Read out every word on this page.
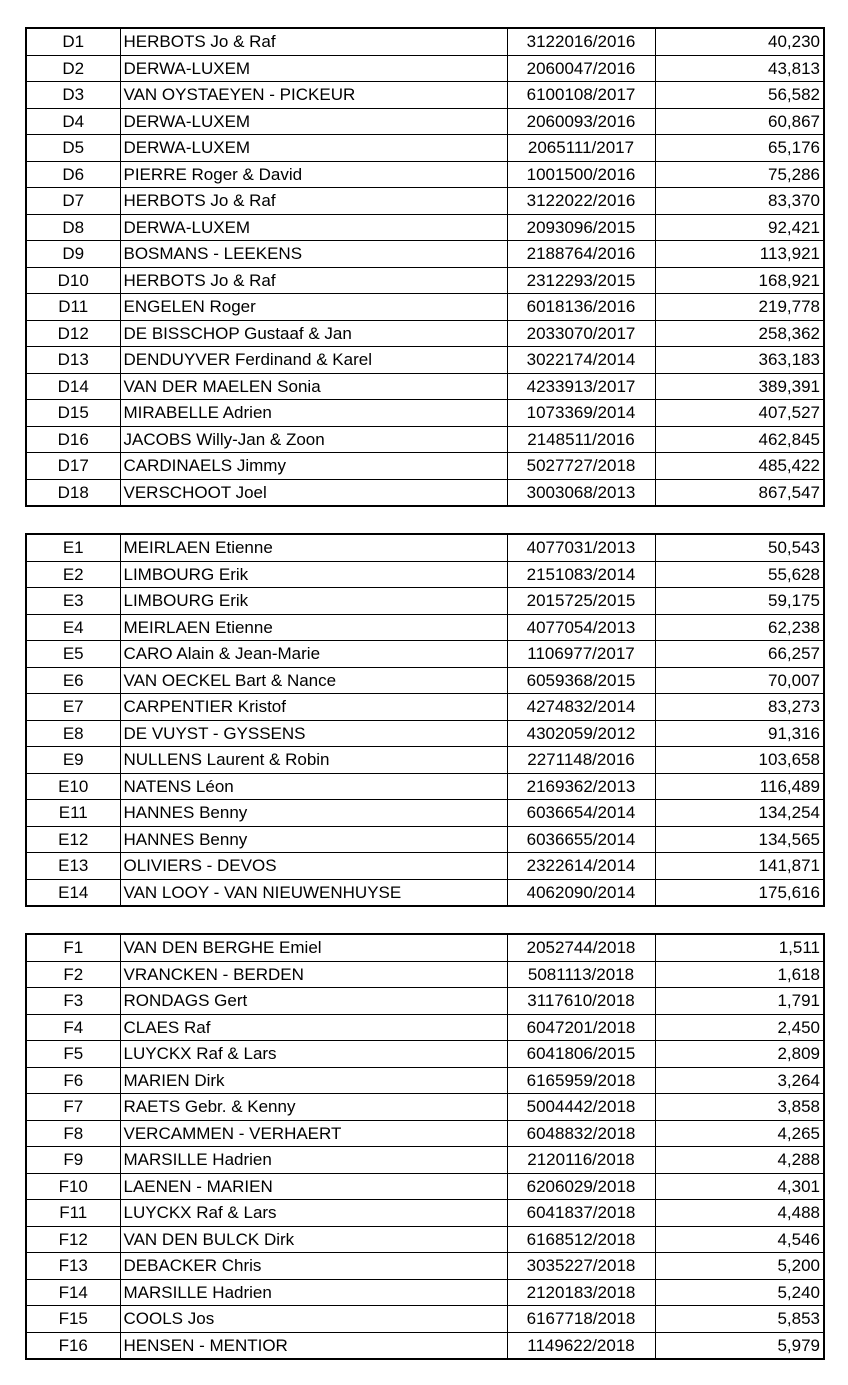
D1	HERBOTS Jo & Raf	3122016/2016	40,230
D2	DERWA-LUXEM	2060047/2016	43,813
D3	VAN OYSTAEYEN - PICKEUR	6100108/2017	56,582
D4	DERWA-LUXEM	2060093/2016	60,867
D5	DERWA-LUXEM	2065111/2017	65,176
D6	PIERRE Roger & David	1001500/2016	75,286
D7	HERBOTS Jo & Raf	3122022/2016	83,370
D8	DERWA-LUXEM	2093096/2015	92,421
D9	BOSMANS - LEEKENS	2188764/2016	113,921
D10	HERBOTS Jo & Raf	2312293/2015	168,921
D11	ENGELEN Roger	6018136/2016	219,778
D12	DE BISSCHOP Gustaaf & Jan	2033070/2017	258,362
D13	DENDUYVER Ferdinand & Karel	3022174/2014	363,183
D14	VAN DER MAELEN Sonia	4233913/2017	389,391
D15	MIRABELLE Adrien	1073369/2014	407,527
D16	JACOBS Willy-Jan & Zoon	2148511/2016	462,845
D17	CARDINAELS Jimmy	5027727/2018	485,422
D18	VERSCHOOT Joel	3003068/2013	867,547
E1	MEIRLAEN Etienne	4077031/2013	50,543
E2	LIMBOURG Erik	2151083/2014	55,628
E3	LIMBOURG Erik	2015725/2015	59,175
E4	MEIRLAEN Etienne	4077054/2013	62,238
E5	CARO Alain & Jean-Marie	1106977/2017	66,257
E6	VAN OECKEL Bart & Nance	6059368/2015	70,007
E7	CARPENTIER Kristof	4274832/2014	83,273
E8	DE VUYST - GYSSENS	4302059/2012	91,316
E9	NULLENS Laurent & Robin	2271148/2016	103,658
E10	NATENS Léon	2169362/2013	116,489
E11	HANNES Benny	6036654/2014	134,254
E12	HANNES Benny	6036655/2014	134,565
E13	OLIVIERS - DEVOS	2322614/2014	141,871
E14	VAN LOOY - VAN NIEUWENHUYSE	4062090/2014	175,616
F1	VAN DEN BERGHE Emiel	2052744/2018	1,511
F2	VRANCKEN - BERDEN	5081113/2018	1,618
F3	RONDAGS Gert	3117610/2018	1,791
F4	CLAES Raf	6047201/2018	2,450
F5	LUYCKX Raf & Lars	6041806/2015	2,809
F6	MARIEN Dirk	6165959/2018	3,264
F7	RAETS Gebr. & Kenny	5004442/2018	3,858
F8	VERCAMMEN - VERHAERT	6048832/2018	4,265
F9	MARSILLE Hadrien	2120116/2018	4,288
F10	LAENEN - MARIEN	6206029/2018	4,301
F11	LUYCKX Raf & Lars	6041837/2018	4,488
F12	VAN DEN BULCK Dirk	6168512/2018	4,546
F13	DEBACKER Chris	3035227/2018	5,200
F14	MARSILLE Hadrien	2120183/2018	5,240
F15	COOLS Jos	6167718/2018	5,853
F16	HENSEN - MENTIOR	1149622/2018	5,979
